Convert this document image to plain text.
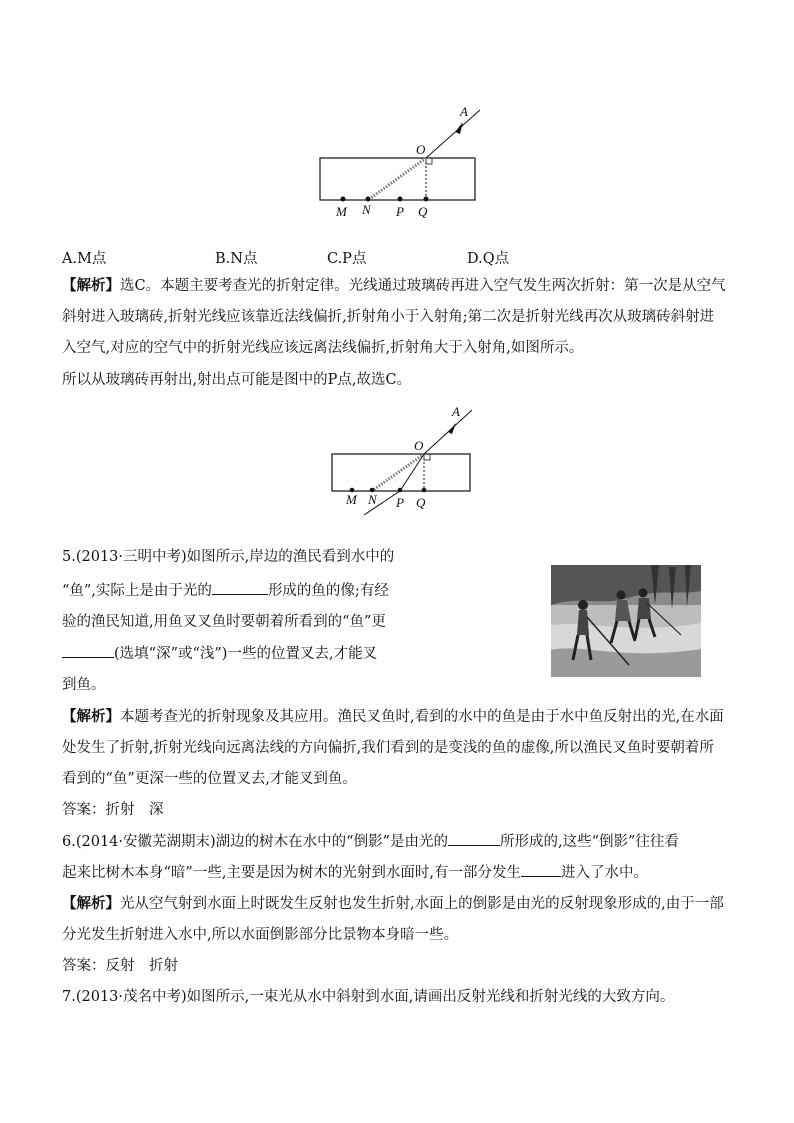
A
O
M N P Q
A.M点	B.N点	C.P点	D.Q点
【解析】选C。本题主要考查光的折射定律。光线通过玻璃砖再进入空气发生两次折射：第一次是从空气
斜射进入玻璃砖,折射光线应该靠近法线偏折,折射角小于入射角;第二次是折射光线再次从玻璃砖斜射进
入空气,对应的空气中的折射光线应该远离法线偏折,折射角大于入射角,如图所示。
所以从玻璃砖再射出,射出点可能是图中的P点,故选C。
A
O
M N P Q
5.(2013·三明中考)如图所示,岸边的渔民看到水中的
“鱼”,实际上是由于光的	形成的鱼的像;有经
验的渔民知道,用鱼叉叉鱼时要朝着所看到的“鱼”更
(选填“深”或“浅”)一些的位置叉去,才能叉
到鱼。
【解析】本题考查光的折射现象及其应用。渔民叉鱼时,看到的水中的鱼是由于水中鱼反射出的光,在水面
处发生了折射,折射光线向远离法线的方向偏折,我们看到的是变浅的鱼的虚像,所以渔民叉鱼时要朝着所
看到的“鱼”更深一些的位置叉去,才能叉到鱼。
答案：折射　深
6.(2014·安徽芜湖期末)湖边的树木在水中的“倒影”是由光的	所形成的,这些“倒影”往往看
起来比树木本身“暗”一些,主要是因为树木的光射到水面时,有一部分发生	进入了水中。
【解析】光从空气射到水面上时既发生反射也发生折射,水面上的倒影是由光的反射现象形成的,由于一部
分光发生折射进入水中,所以水面倒影部分比景物本身暗一些。
答案：反射　折射
7.(2013·茂名中考)如图所示,一束光从水中斜射到水面,请画出反射光线和折射光线的大致方向。
